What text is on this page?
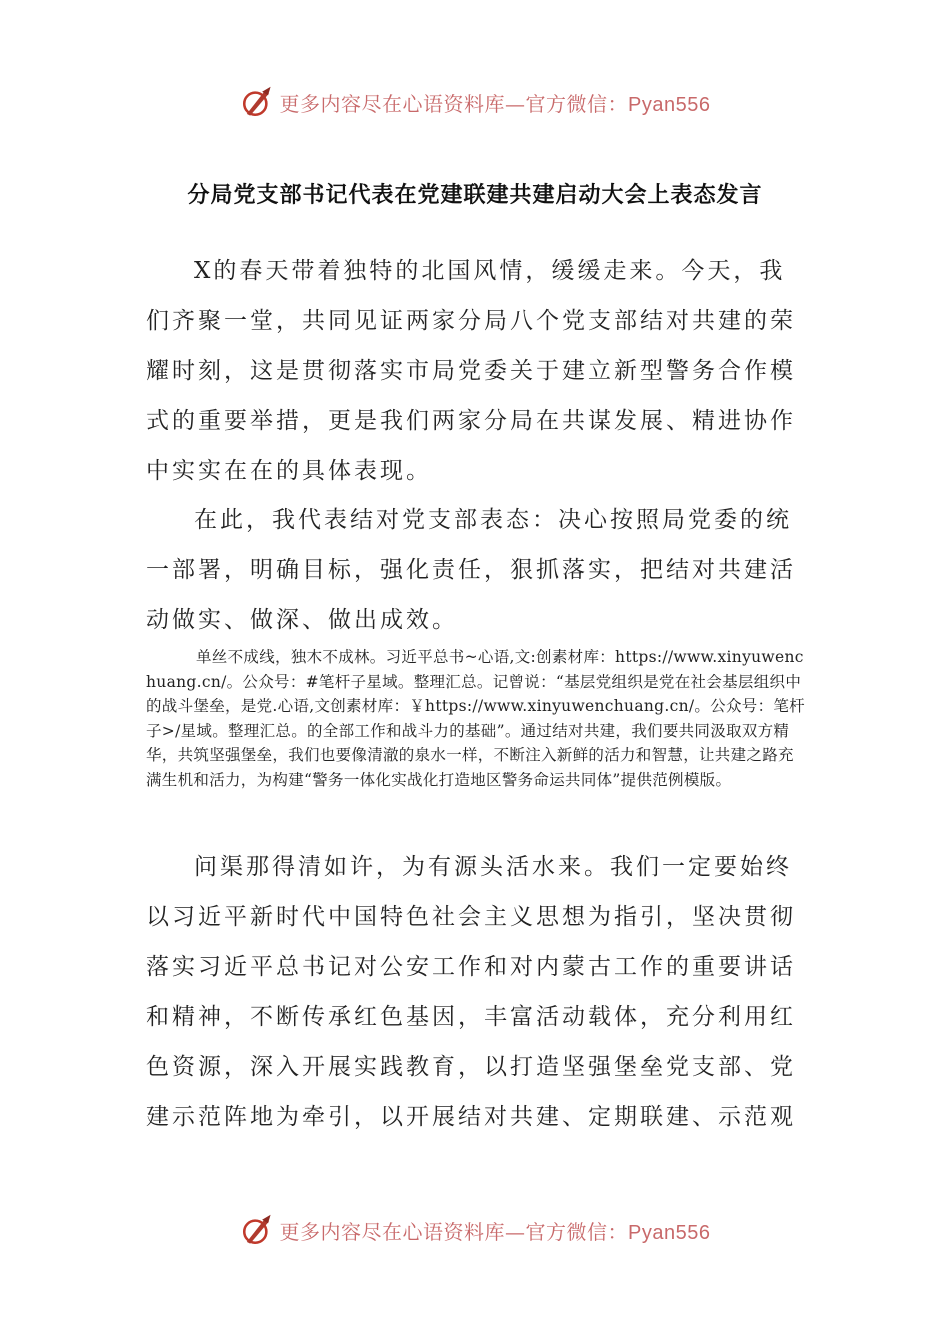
更多内容尽在心语资料库—官方微信：Pyan556
分局党支部书记代表在党建联建共建启动大会上表态发言

X的春天带着独特的北国风情，缓缓走来。今天，我们齐聚一堂，共同见证两家分局八个党支部结对共建的荣耀时刻，这是贯彻落实市局党委关于建立新型警务合作模式的重要举措，更是我们两家分局在共谋发展、精进协作中实实在在的具体表现。

在此，我代表结对党支部表态：决心按照局党委的统一部署，明确目标，强化责任，狠抓落实，把结对共建活动做实、做深、做出成效。

单丝不成线，独木不成林。习近平总书~心语,文:创素材库：https://www.xinyuwenchuang.cn/。公众号：#笔杆子星域。整理汇总。记曾说：“基层党组织是党在社会基层组织中的战斗堡垒，是党.心语,文创素材库：￥https://www.xinyuwenchuang.cn/。公众号：笔杆子>/星域。整理汇总。的全部工作和战斗力的基础”。通过结对共建，我们要共同汲取双方精华，共筑坚强堡垒，我们也要像清澈的泉水一样，不断注入新鲜的活力和智慧，让共建之路充满生机和活力，为构建“警务一体化实战化打造地区警务命运共同体”提供范例模版。

问渠那得清如许，为有源头活水来。我们一定要始终以习近平新时代中国特色社会主义思想为指引，坚决贯彻落实习近平总书记对公安工作和对内蒙古工作的重要讲话和精神，不断传承红色基因，丰富活动载体，充分利用红色资源，深入开展实践教育，以打造坚强堡垒党支部、党建示范阵地为牵引，以开展结对共建、定期联建、示范观

更多内容尽在心语资料库—官方微信：Pyan556
